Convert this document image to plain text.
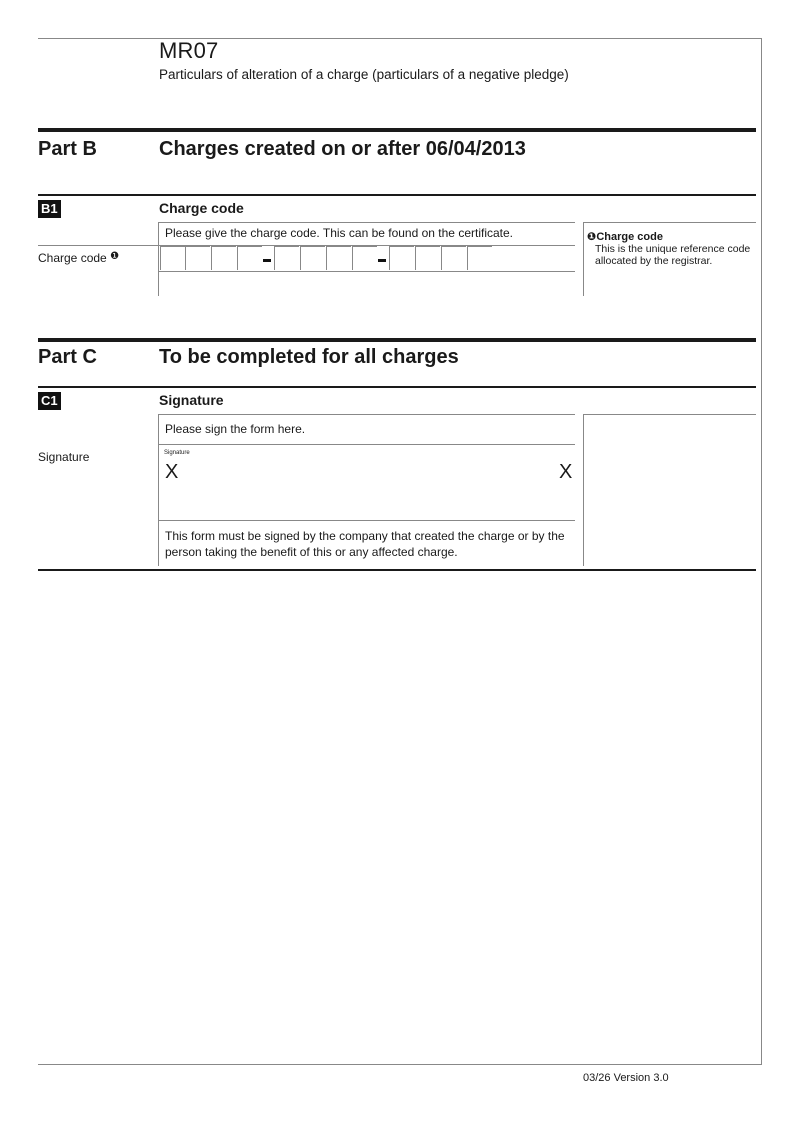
MR07
Particulars of alteration of a charge (particulars of a negative pledge)
Part B	Charges created on or after 06/04/2013
B1	Charge code
Please give the charge code. This can be found on the certificate.
Charge code $^❶$
❶Charge code
This is the unique reference code
allocated by the registrar.
Part C	To be completed for all charges
C1	Signature
Please sign the form here.
Signature	Signature
X	X
This form must be signed by the company that created the charge or by the
person taking the benefit of this or any affected charge.
03/26 Version 3.0
